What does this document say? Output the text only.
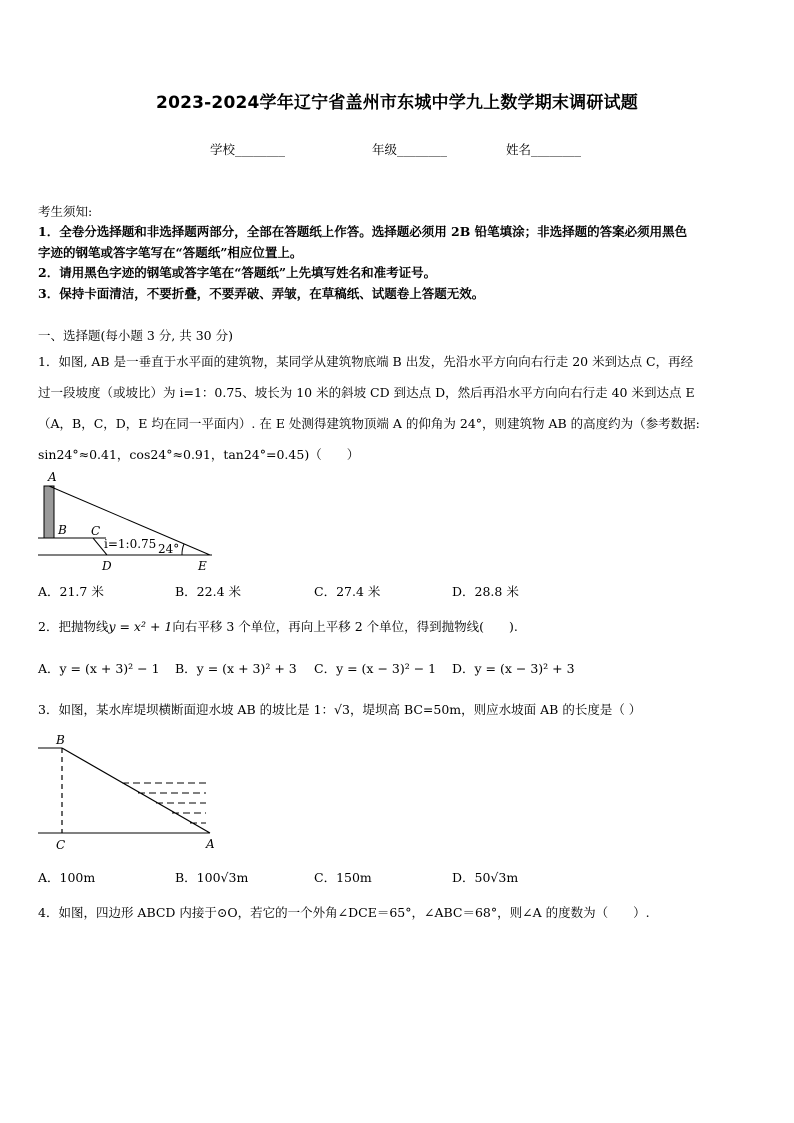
2023-2024学年辽宁省盖州市东城中学九上数学期末调研试题
学校________	年级________	姓名________
考生须知:
1．全卷分选择题和非选择题两部分，全部在答题纸上作答。选择题必须用 2B 铅笔填涂；非选择题的答案必须用黑色
字迹的钢笔或答字笔写在“答题纸”相应位置上。
2．请用黑色字迹的钢笔或答字笔在“答题纸”上先填写姓名和准考证号。
3．保持卡面清洁，不要折叠，不要弄破、弄皱，在草稿纸、试题卷上答题无效。
一、选择题(每小题 3 分, 共 30 分)
1．如图, AB 是一垂直于水平面的建筑物，某同学从建筑物底端 B 出发，先沿水平方向向右行走 20 米到达点 C，再经
过一段坡度（或坡比）为 i=1：0.75、坡长为 10 米的斜坡 CD 到达点 D，然后再沿水平方向向右行走 40 米到达点 E
（A，B，C，D，E 均在同一平面内）. 在 E 处测得建筑物顶端 A 的仰角为 24°，则建筑物 AB 的高度约为（参考数据:
sin24°≈0.41，cos24°≈0.91，tan24°=0.45)（　　）
A
B C
D	E
i=1:0.75 24°
A．21.7 米	B．22.4 米	C．27.4 米	D．28.8 米
2．把抛物线y = x² + 1向右平移 3 个单位，再向上平移 2 个单位，得到抛物线(　　).
A．y = (x + 3)² − 1 B．y = (x + 3)² + 3 C．y = (x − 3)² − 1 D．y = (x − 3)² + 3
3．如图，某水库堤坝横断面迎水坡 AB 的坡比是 1：√3，堤坝高 BC=50m，则应水坡面 AB 的长度是（ ）
B
C	A
A．100m	B．100√3m	C．150m	D．50√3m
4．如图，四边形 ABCD 内接于⊙O，若它的一个外角∠DCE＝65°，∠ABC＝68°，则∠A 的度数为（　　）.
